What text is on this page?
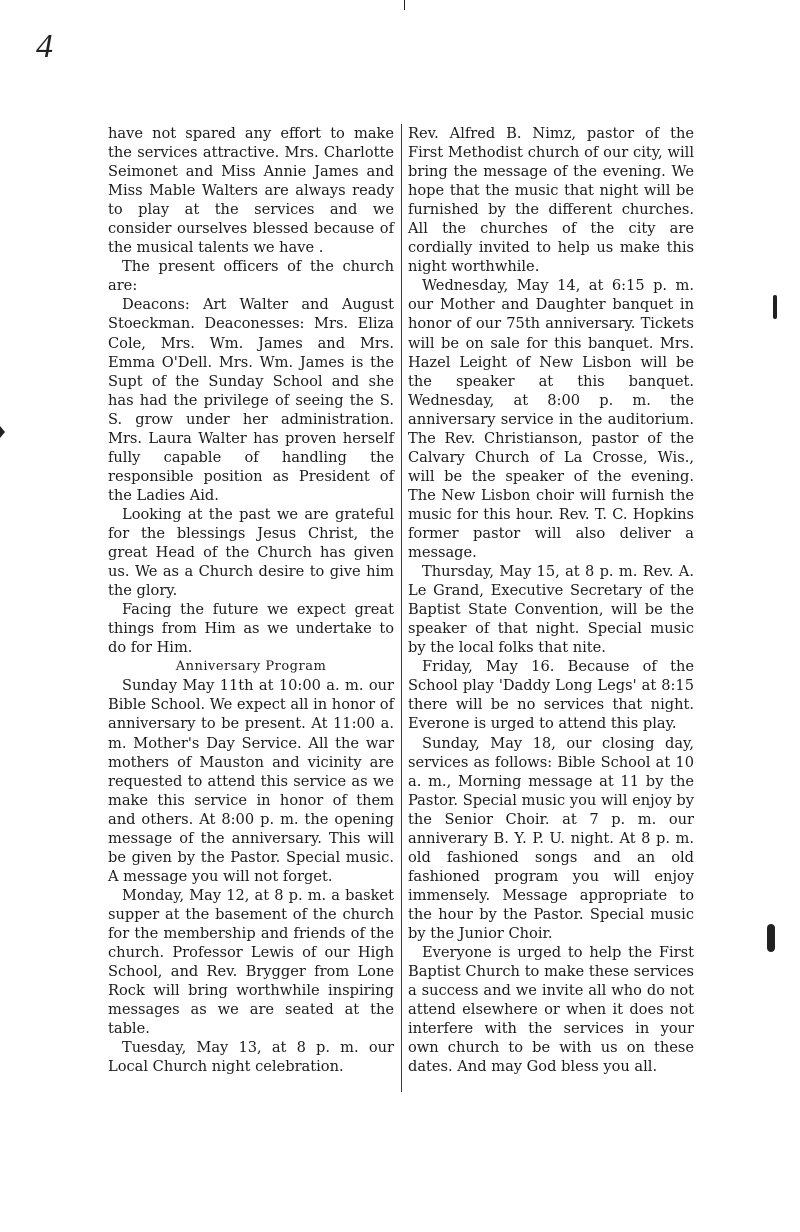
4

have not spared any effort to make the services attractive. Mrs. Charlotte Seimonet and Miss Annie James and Miss Mable Walters are always ready to play at the services and we consider ourselves blessed because of the musical talents we have .

The present officers of the church are:

Deacons: Art Walter and August Stoeckman. Deaconesses: Mrs. Eliza Cole, Mrs. Wm. James and Mrs. Emma O'Dell. Mrs. Wm. James is the Supt of the Sunday School and she has had the privilege of seeing the S. S. grow under her administration. Mrs. Laura Walter has proven herself fully capable of handling the responsible position as President of the Ladies Aid.

Looking at the past we are grateful for the blessings Jesus Christ, the great Head of the Church has given us. We as a Church desire to give him the glory.

Facing the future we expect great things from Him as we undertake to do for Him.

Anniversary Program

Sunday May 11th at 10:00 a. m. our Bible School. We expect all in honor of anniversary to be present. At 11:00 a. m. Mother's Day Service. All the war mothers of Mauston and vicinity are requested to attend this service as we make this service in honor of them and others. At 8:00 p. m. the opening message of the anniversary. This will be given by the Pastor. Special music. A message you will not forget.

Monday, May 12, at 8 p. m. a basket supper at the basement of the church for the membership and friends of the church. Professor Lewis of our High School, and Rev. Brygger from Lone Rock will bring worthwhile inspiring messages as we are seated at the table.

Tuesday, May 13, at 8 p. m. our Local Church night celebration.

Rev. Alfred B. Nimz, pastor of the First Methodist church of our city, will bring the message of the evening. We hope that the music that night will be furnished by the different churches. All the churches of the city are cordially invited to help us make this night worthwhile.

Wednesday, May 14, at 6:15 p. m. our Mother and Daughter banquet in honor of our 75th anniversary. Tickets will be on sale for this banquet. Mrs. Hazel Leight of New Lisbon will be the speaker at this banquet. Wednesday, at 8:00 p. m. the anniversary service in the auditorium. The Rev. Christianson, pastor of the Calvary Church of La Crosse, Wis., will be the speaker of the evening. The New Lisbon choir will furnish the music for this hour. Rev. T. C. Hopkins former pastor will also deliver a message.

Thursday, May 15, at 8 p. m. Rev. A. Le Grand, Executive Secretary of the Baptist State Convention, will be the speaker of that night. Special music by the local folks that nite.

Friday, May 16. Because of the School play 'Daddy Long Legs' at 8:15 there will be no services that night. Everone is urged to attend this play.

Sunday, May 18, our closing day, services as follows: Bible School at 10 a. m., Morning message at 11 by the Pastor. Special music you will enjoy by the Senior Choir. at 7 p. m. our anniverary B. Y. P. U. night. At 8 p. m. old fashioned songs and an old fashioned program you will enjoy immensely. Message appropriate to the hour by the Pastor. Special music by the Junior Choir.

Everyone is urged to help the First Baptist Church to make these services a success and we invite all who do not attend elsewhere or when it does not interfere with the services in your own church to be with us on these dates. And may God bless you all.
